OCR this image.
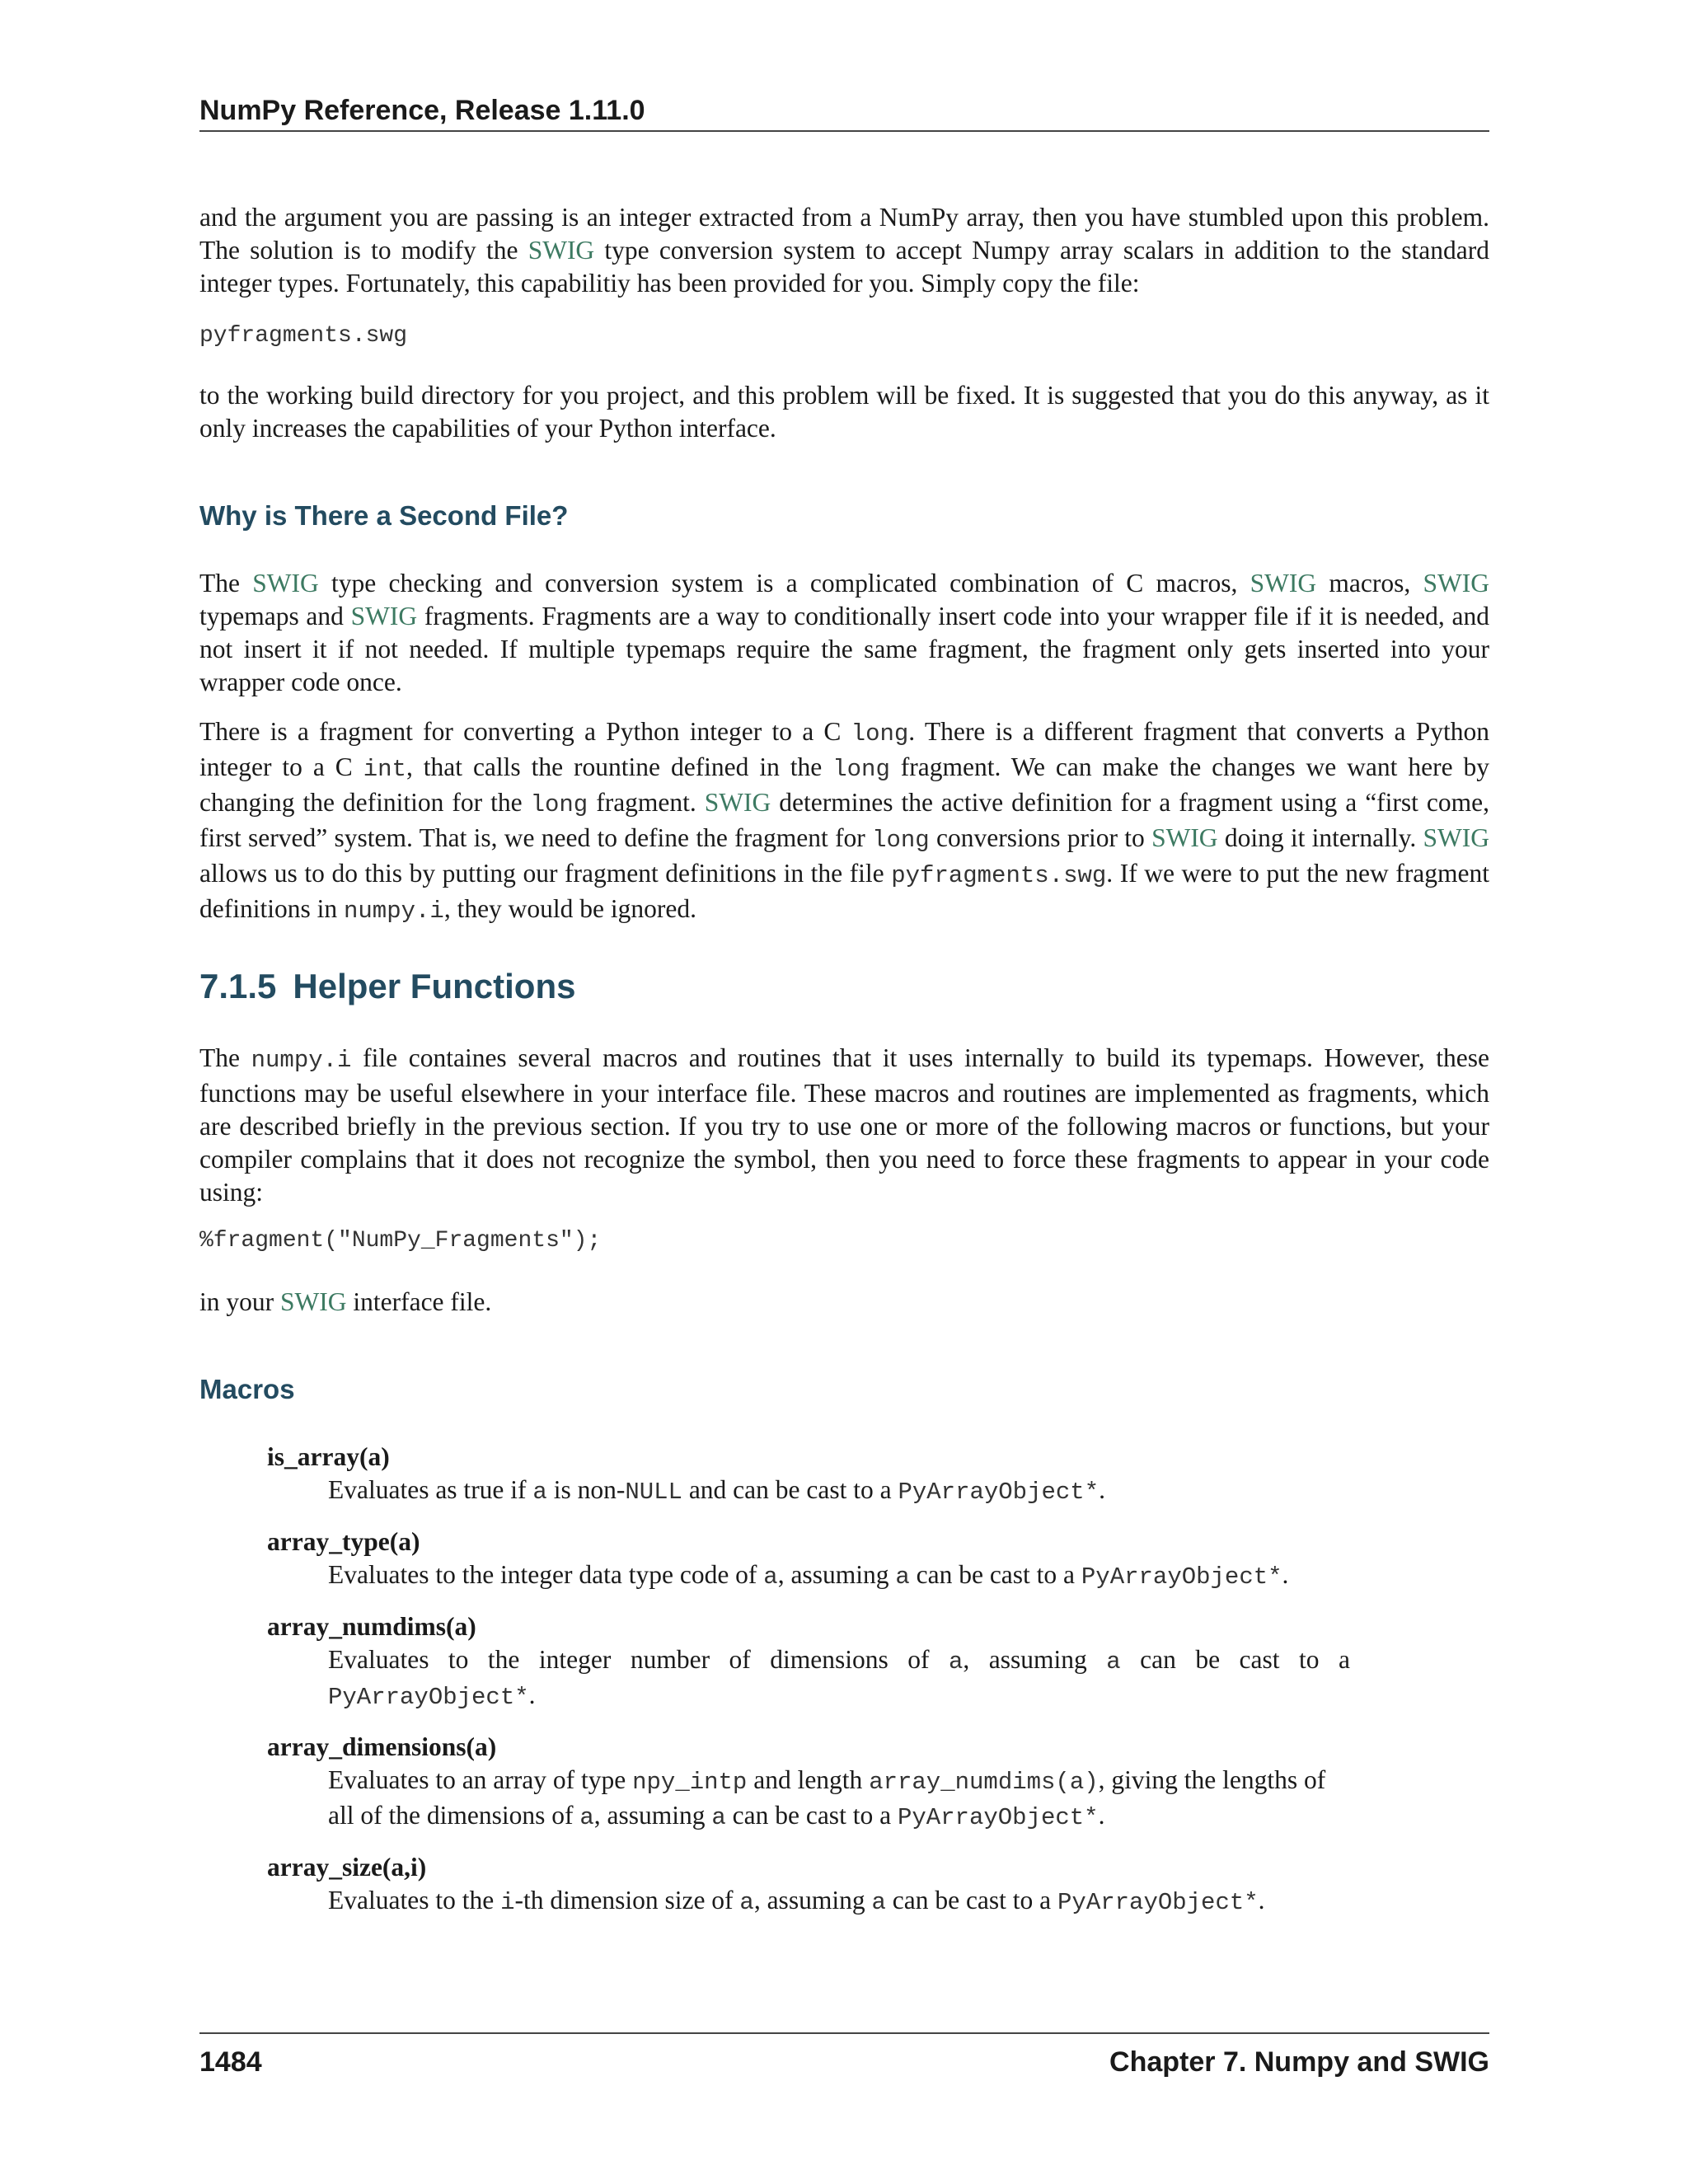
NumPy Reference, Release 1.11.0

and the argument you are passing is an integer extracted from a NumPy array, then you have stumbled upon this problem. The solution is to modify the SWIG type conversion system to accept Numpy array scalars in addition to the standard integer types. Fortunately, this capabilitiy has been provided for you. Simply copy the file:

pyfragments.swg

to the working build directory for you project, and this problem will be fixed. It is suggested that you do this anyway, as it only increases the capabilities of your Python interface.

Why is There a Second File?

The SWIG type checking and conversion system is a complicated combination of C macros, SWIG macros, SWIG typemaps and SWIG fragments. Fragments are a way to conditionally insert code into your wrapper file if it is needed, and not insert it if not needed. If multiple typemaps require the same fragment, the fragment only gets inserted into your wrapper code once.

There is a fragment for converting a Python integer to a C long. There is a different fragment that converts a Python integer to a C int, that calls the rountine defined in the long fragment. We can make the changes we want here by changing the definition for the long fragment. SWIG determines the active definition for a fragment using a “first come, first served” system. That is, we need to define the fragment for long conversions prior to SWIG doing it internally. SWIG allows us to do this by putting our fragment definitions in the file pyfragments.swg. If we were to put the new fragment definitions in numpy.i, they would be ignored.

7.1.5 Helper Functions

The numpy.i file containes several macros and routines that it uses internally to build its typemaps. However, these functions may be useful elsewhere in your interface file. These macros and routines are implemented as fragments, which are described briefly in the previous section. If you try to use one or more of the following macros or functions, but your compiler complains that it does not recognize the symbol, then you need to force these fragments to appear in your code using:

%fragment("NumPy_Fragments");

in your SWIG interface file.

Macros
is_array(a)
Evaluates as true if a is non-NULL and can be cast to a PyArrayObject*.
array_type(a)
Evaluates to the integer data type code of a, assuming a can be cast to a PyArrayObject*.
array_numdims(a)
Evaluates to the integer number of dimensions of a, assuming a can be cast to a PyArrayObject*.
array_dimensions(a)
Evaluates to an array of type npy_intp and length array_numdims(a), giving the lengths of all of the dimensions of a, assuming a can be cast to a PyArrayObject*.
array_size(a,i)
Evaluates to the i-th dimension size of a, assuming a can be cast to a PyArrayObject*.
1484	Chapter 7. Numpy and SWIG
